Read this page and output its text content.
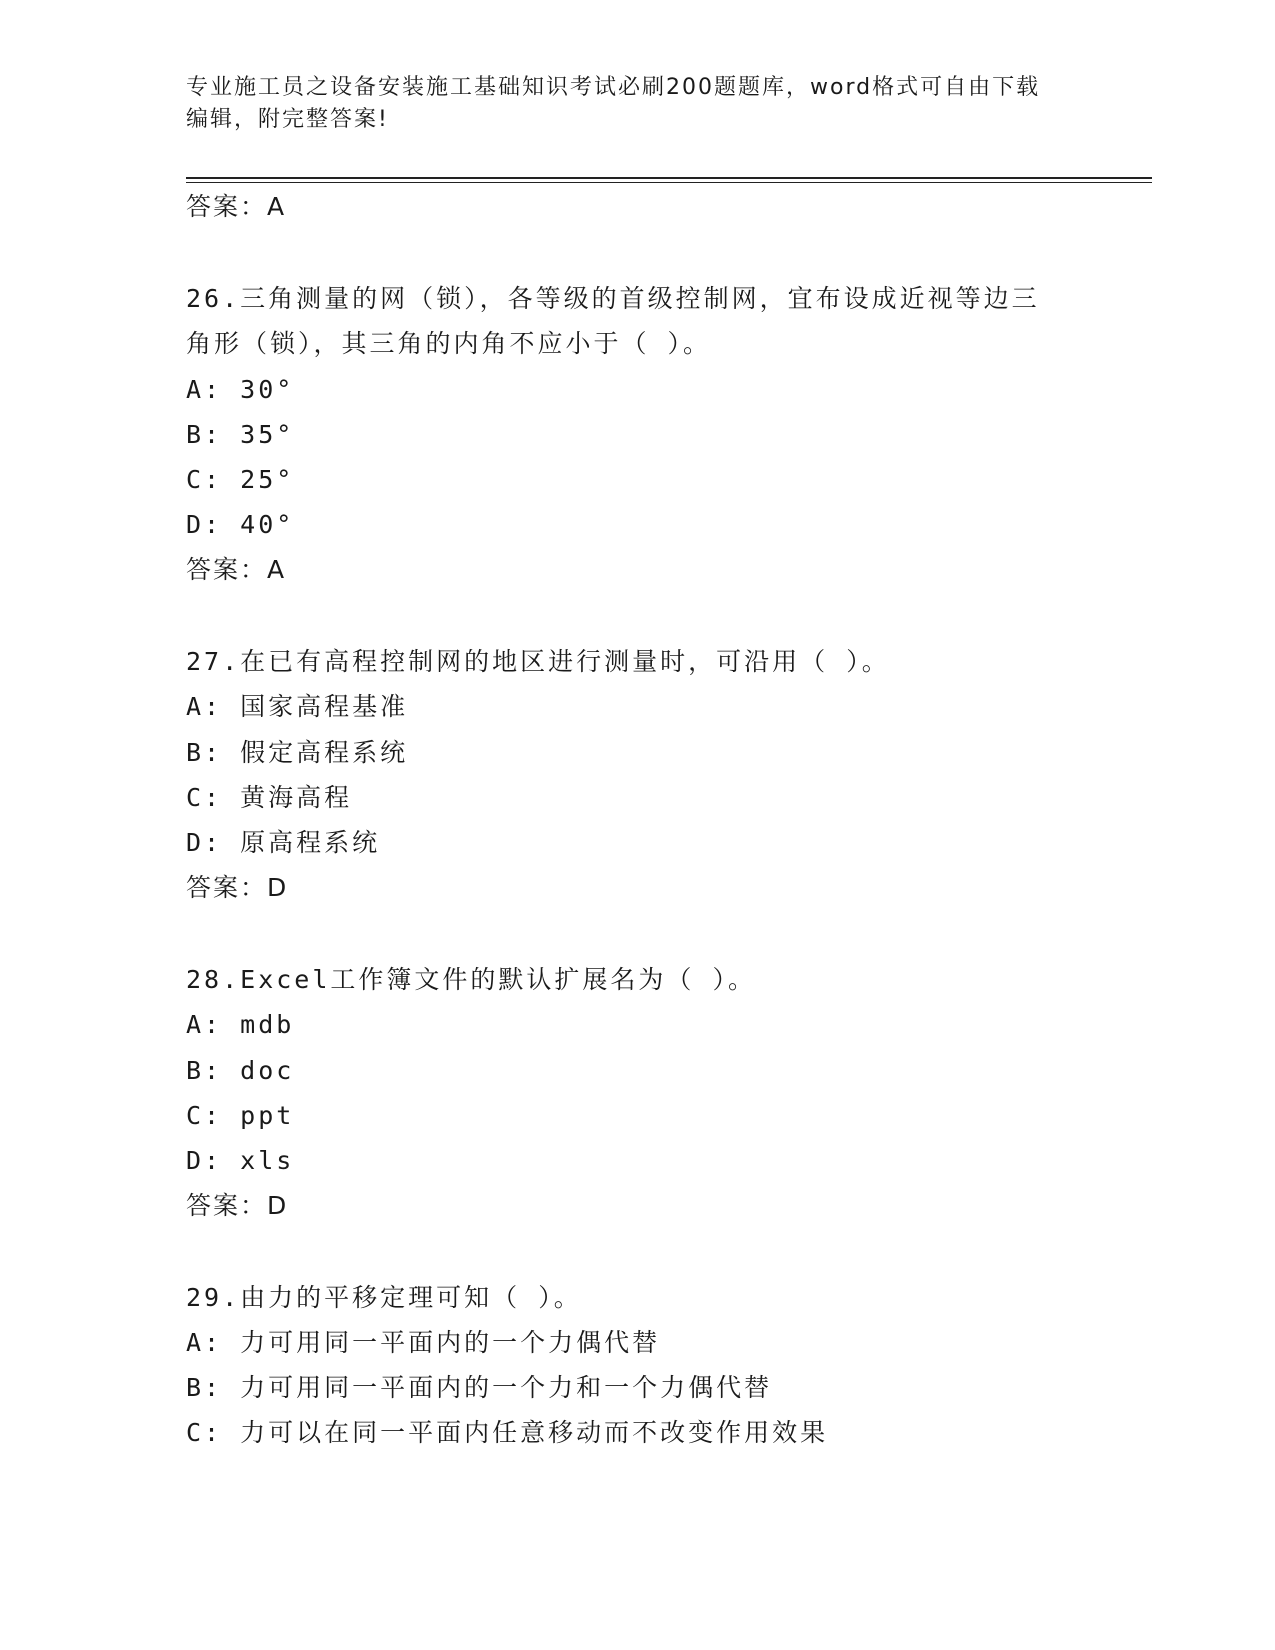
专业施工员之设备安装施工基础知识考试必刷200题题库，word格式可自由下载
编辑，附完整答案!
答案：A
26.三角测量的网（锁），各等级的首级控制网，宜布设成近视等边三
角形（锁），其三角的内角不应小于（ ）。
A: 30°
B: 35°
C: 25°
D: 40°
答案：A
27.在已有高程控制网的地区进行测量时，可沿用（ ）。
A: 国家高程基准
B: 假定高程系统
C: 黄海高程
D: 原高程系统
答案：D
28.Excel工作簿文件的默认扩展名为（ ）。
A: mdb
B: doc
C: ppt
D: xls
答案：D
29.由力的平移定理可知（ ）。
A: 力可用同一平面内的一个力偶代替
B: 力可用同一平面内的一个力和一个力偶代替
C: 力可以在同一平面内任意移动而不改变作用效果
